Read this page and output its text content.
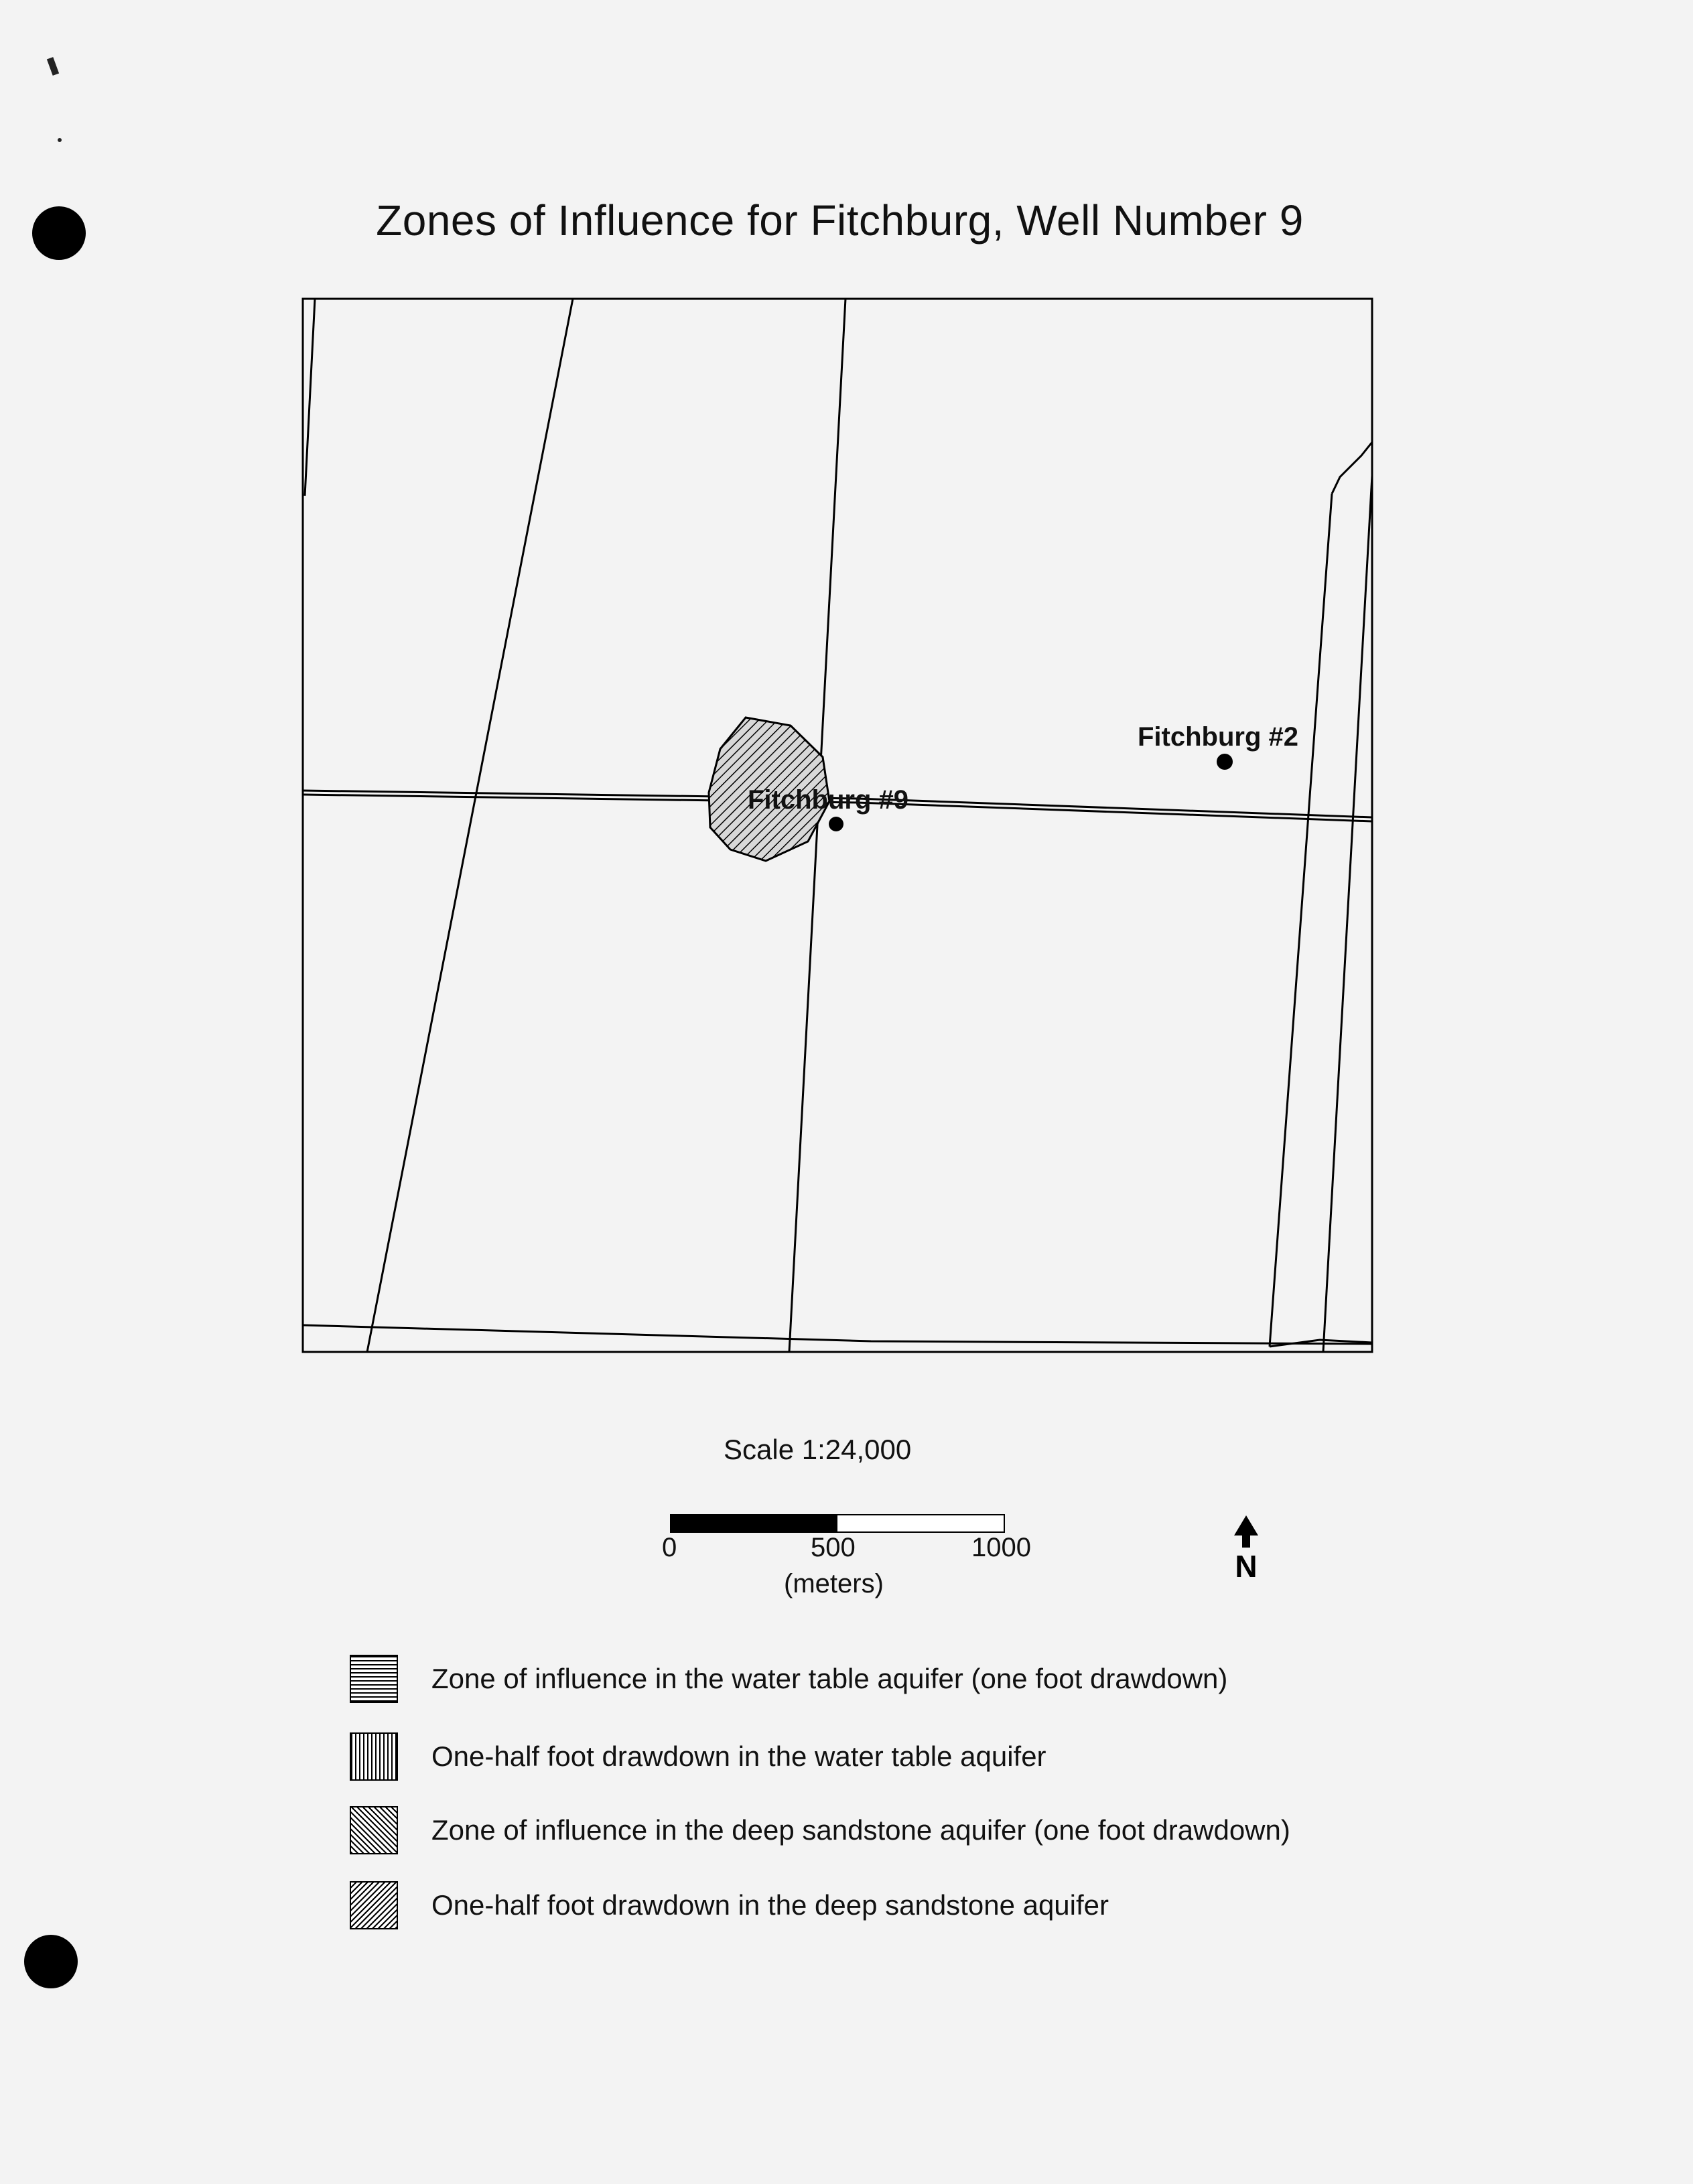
Zones of Influence for Fitchburg, Well Number 9
Fitchburg #9
Fitchburg #2
Scale 1:24,000
0	500	1000
(meters)	N
Zone of influence in the water table aquifer (one foot drawdown)
One-half foot drawdown in the water table aquifer
Zone of influence in the deep sandstone aquifer (one foot drawdown)
One-half foot drawdown in the deep sandstone aquifer
